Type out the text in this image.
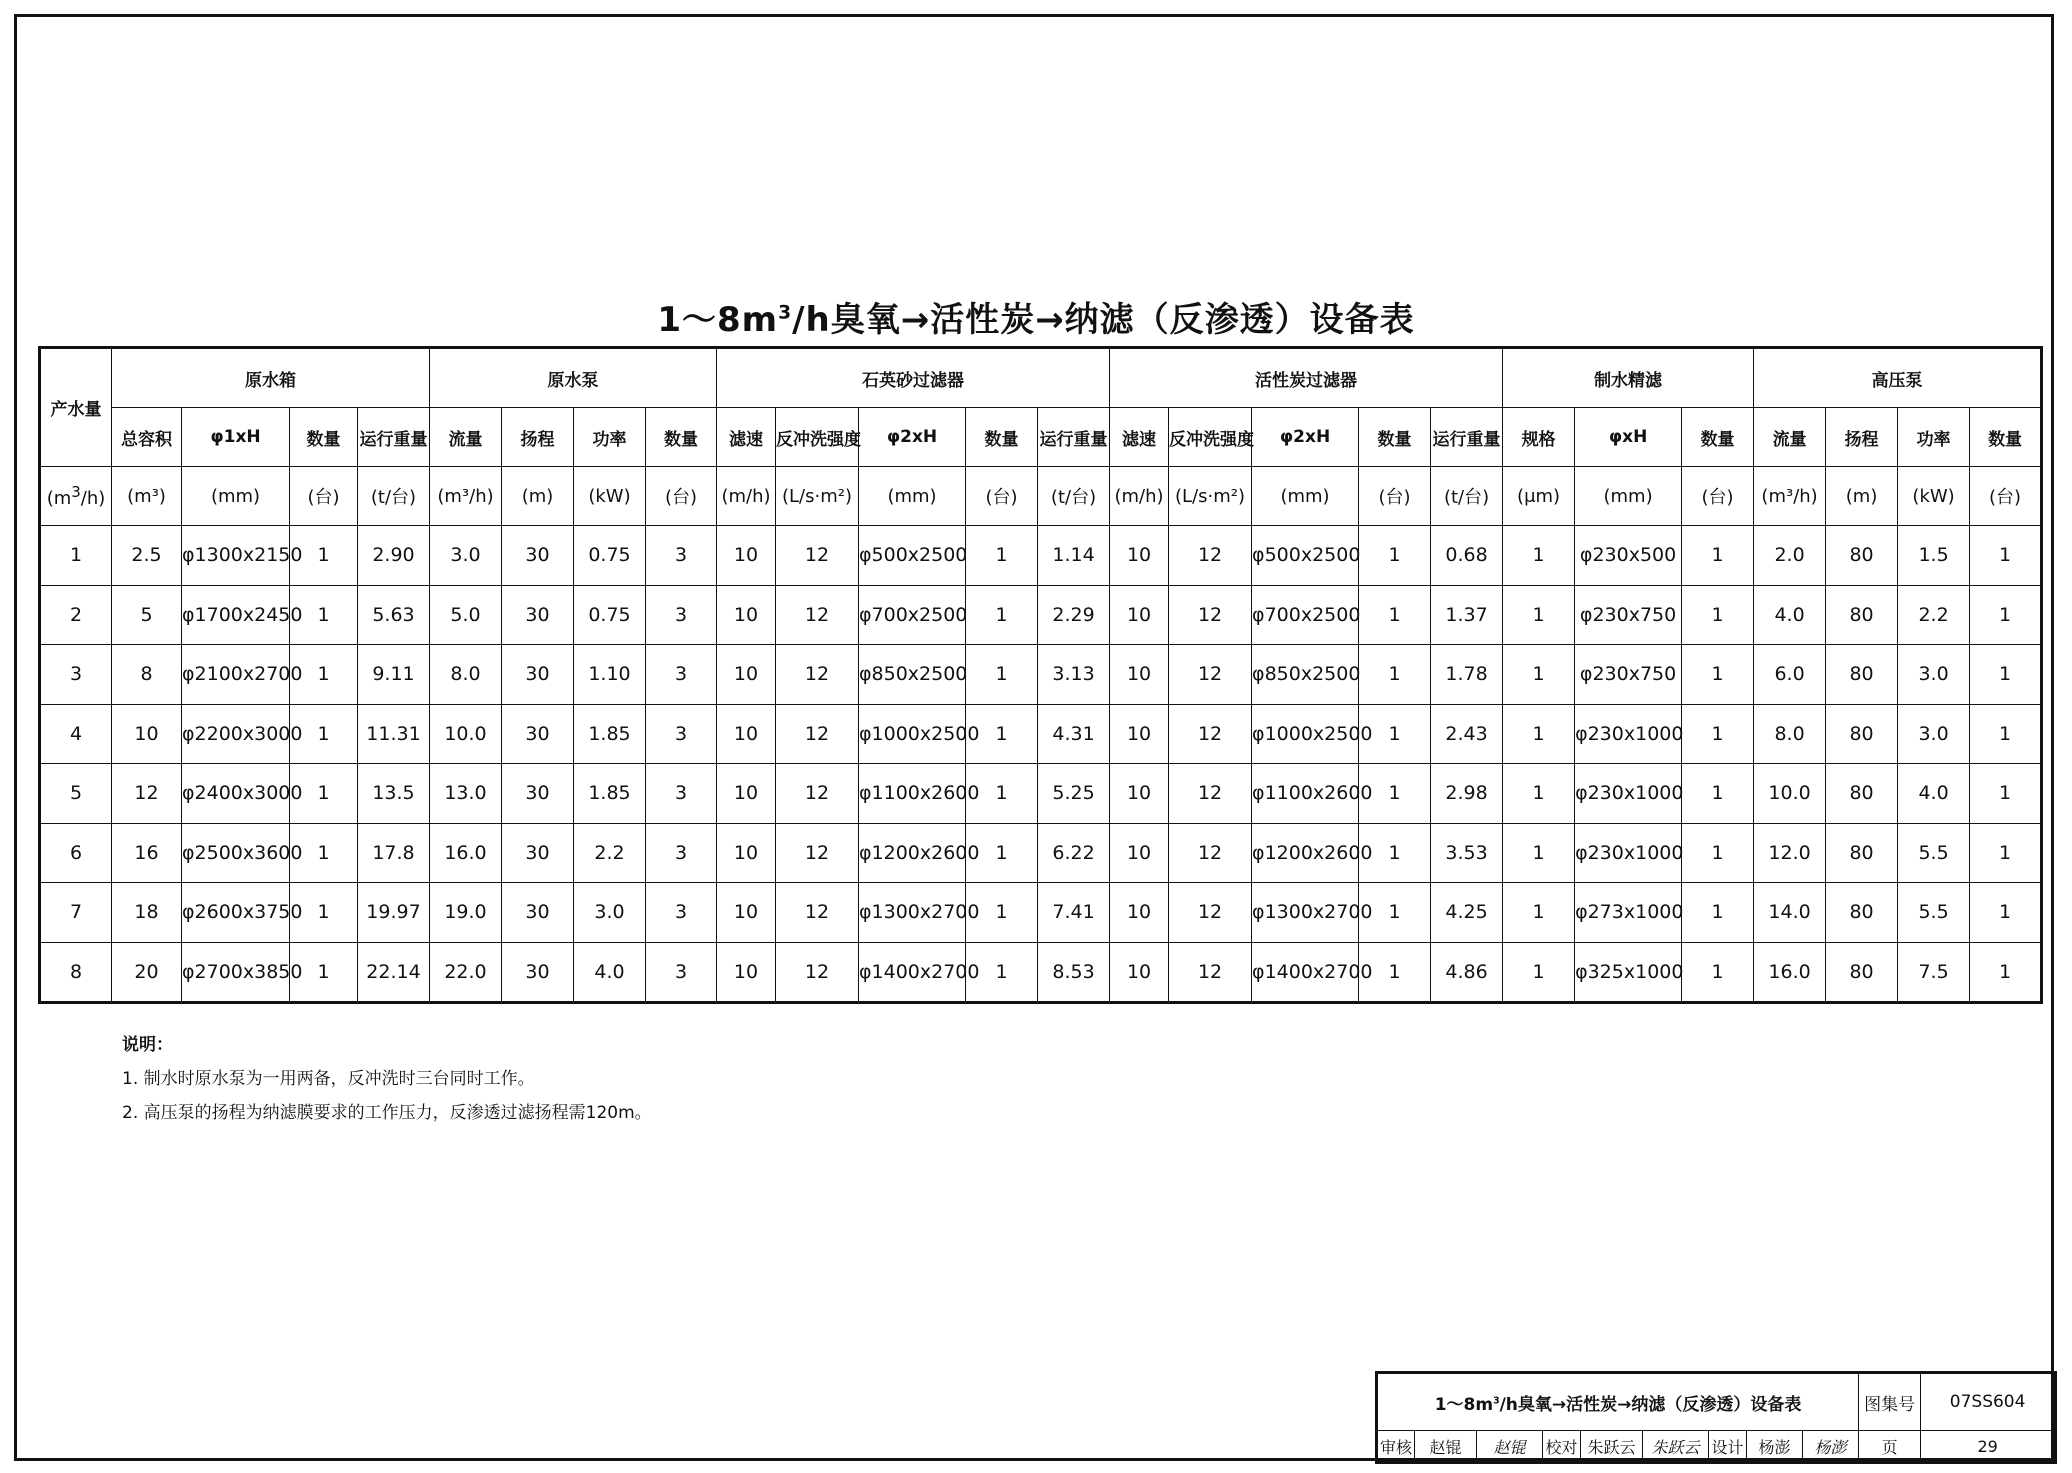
$1\sim 8m^3/h$臭氧→活性炭→纳滤（反渗透）设备表
产水量	原水箱				原水泵				石英砂过滤器					活性炭过滤器					制水精滤			高压泵			
	总容积	φ1xH	数量	运行重量	流量	扬程	功率	数量	滤速	反冲洗强度	φ2xH	数量	运行重量	滤速	反冲洗强度	φ2xH	数量	运行重量	规格	φxH	数量	流量	扬程	功率	数量
$(m^3/h)$	(m³)	(mm)	(台)	(t/台)	(m³/h)	(m)	(kW)	(台)	(m/h)	(L/s·m²)	(mm)	(台)	(t/台)	(m/h)	(L/s·m²)	(mm)	(台)	(t/台)	(μm)	(mm)	(台)	(m³/h)	(m)	(kW)	(台)
1	2.5	φ1300x2150	1	2.90	3.0	30	0.75	3	10	12	φ500x2500	1	1.14	10	12	φ500x2500	1	0.68	1	φ230x500	1	2.0	80	1.5	1
2	5	φ1700x2450	1	5.63	5.0	30	0.75	3	10	12	φ700x2500	1	2.29	10	12	φ700x2500	1	1.37	1	φ230x750	1	4.0	80	2.2	1
3	8	φ2100x2700	1	9.11	8.0	30	1.10	3	10	12	φ850x2500	1	3.13	10	12	φ850x2500	1	1.78	1	φ230x750	1	6.0	80	3.0	1
4	10	φ2200x3000	1	11.31	10.0	30	1.85	3	10	12	φ1000x2500	1	4.31	10	12	φ1000x2500	1	2.43	1	φ230x1000	1	8.0	80	3.0	1
5	12	φ2400x3000	1	13.5	13.0	30	1.85	3	10	12	φ1100x2600	1	5.25	10	12	φ1100x2600	1	2.98	1	φ230x1000	1	10.0	80	4.0	1
6	16	φ2500x3600	1	17.8	16.0	30	2.2	3	10	12	φ1200x2600	1	6.22	10	12	φ1200x2600	1	3.53	1	φ230x1000	1	12.0	80	5.5	1
7	18	φ2600x3750	1	19.97	19.0	30	3.0	3	10	12	φ1300x2700	1	7.41	10	12	φ1300x2700	1	4.25	1	φ273x1000	1	14.0	80	5.5	1
8	20	φ2700x3850	1	22.14	22.0	30	4.0	3	10	12	φ1400x2700	1	8.53	10	12	φ1400x2700	1	4.86	1	φ325x1000	1	16.0	80	7.5	1
说明：
1. 制水时原水泵为一用两备，反冲洗时三台同时工作。
2. 高压泵的扬程为纳滤膜要求的工作压力，反渗透过滤扬程需120m。
$1\sim 8m^3/h$臭氧→活性炭→纳滤（反渗透）设备表									图集号	07SS604
审核	赵锟	赵锟	校对	朱跃云	朱跃云	设计	杨澎	杨澎	页	29
